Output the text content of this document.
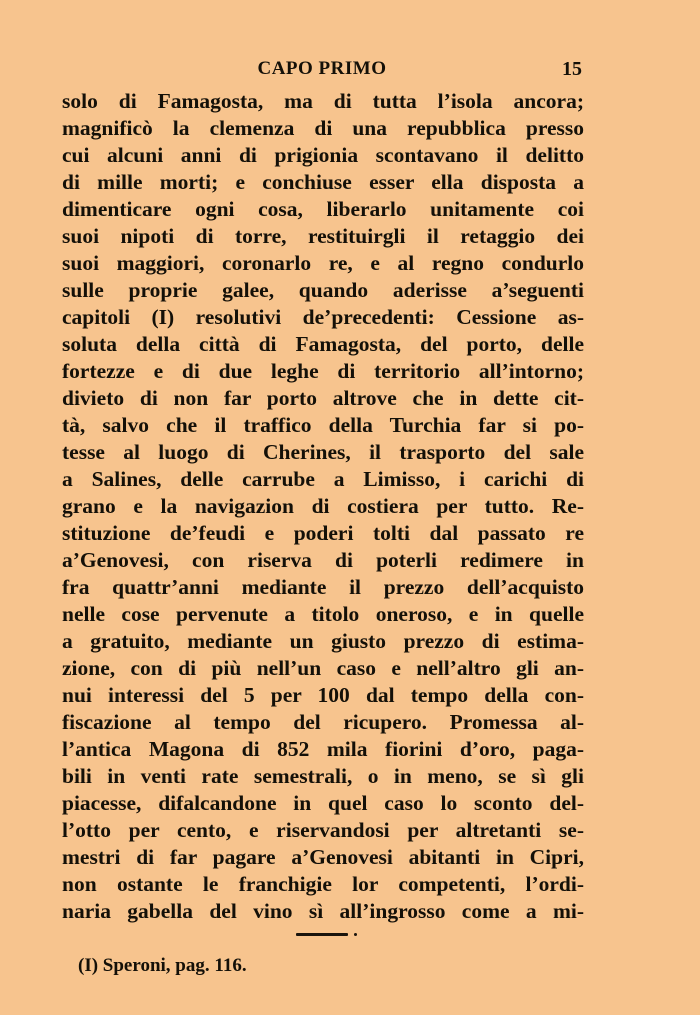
CAPO PRIMO	15
solo di Famagosta, ma di tutta l’isola ancora;
magnificò la clemenza di una repubblica presso
cui alcuni anni di prigionia scontavano il delitto
di mille morti; e conchiuse esser ella disposta a
dimenticare ogni cosa, liberarlo unitamente coi
suoi nipoti di torre, restituirgli il retaggio dei
suoi maggiori, coronarlo re, e al regno condurlo
sulle proprie galee, quando aderisse a’seguenti
capitoli (I) resolutivi de’precedenti: Cessione as-
soluta della città di Famagosta, del porto, delle
fortezze e di due leghe di territorio all’intorno;
divieto di non far porto altrove che in dette cit-
tà, salvo che il traffico della Turchia far si po-
tesse al luogo di Cherines, il trasporto del sale
a Salines, delle carrube a Limisso, i carichi di
grano e la navigazion di costiera per tutto. Re-
stituzione de’feudi e poderi tolti dal passato re
a’Genovesi, con riserva di poterli redimere in
fra quattr’anni mediante il prezzo dell’acquisto
nelle cose pervenute a titolo oneroso, e in quelle
a gratuito, mediante un giusto prezzo di estima-
zione, con di più nell’un caso e nell’altro gli an-
nui interessi del 5 per 100 dal tempo della con-
fiscazione al tempo del ricupero. Promessa al-
l’antica Magona di 852 mila fiorini d’oro, paga-
bili in venti rate semestrali, o in meno, se sì gli
piacesse, difalcandone in quel caso lo sconto del-
l’otto per cento, e riservandosi per altretanti se-
mestri di far pagare a’Genovesi abitanti in Cipri,
non ostante le franchigie lor competenti, l’ordi-
naria gabella del vino sì all’ingrosso come a mi-
(I) Speroni, pag. 116.
